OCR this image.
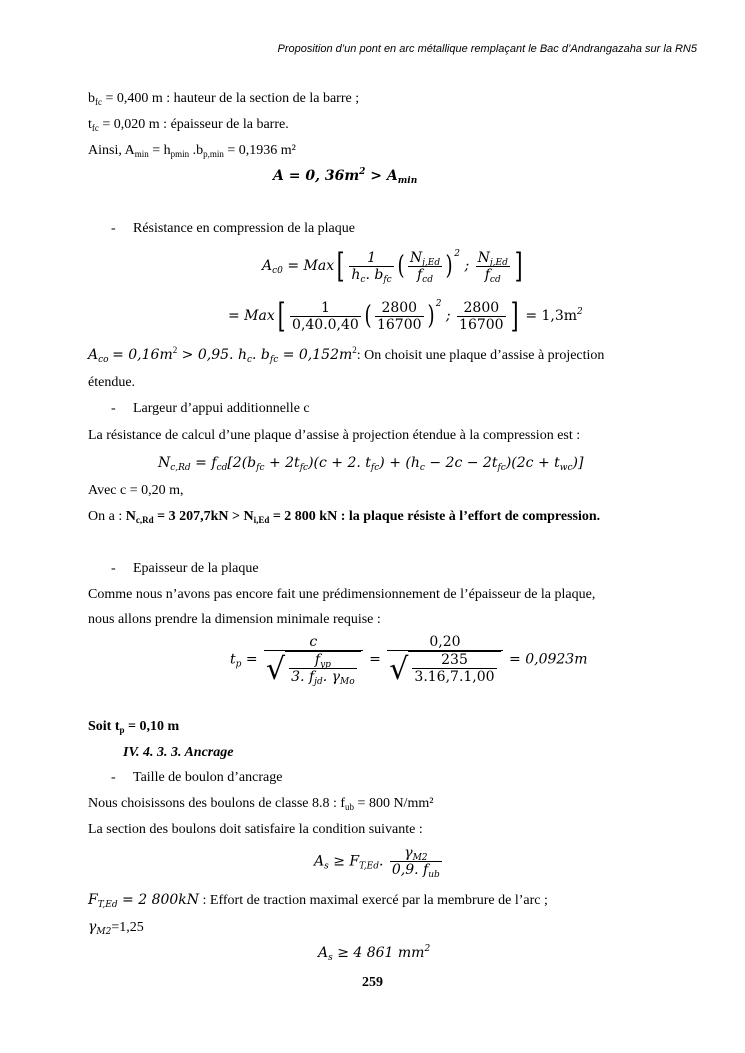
Proposition d’un pont en arc métallique remplaçant le Bac d’Andrangazaha sur la RN5
$b_{fc} = 0,400$ m : hauteur de la section de la barre ;
$t_{fc} = 0,020$ m : épaisseur de la barre.
Ainsi, $A_{min} = h_{pmin}$ $.b_{p,min} = 0,1936$ m²
A = 0, $36m^2 > A_{min}$
- Résistance en compression de la plaque
$A_{c0} = Max[ \frac{1}{h_c. b_{fc}}$ ( $\frac{N_{j,Ed}}{f_{cd}}$ ) $^2$ ; $\frac{N_{j,Ed}}{f_{cd}}$ ]
= $Max[ \frac{1}{0,40.0,40}$ ( $\frac{2800}{16700}$ ) $^2$ ; $\frac{2800}{16700}$ ] = $1,3m^2$
$A_{co} = 0,16m^2 > 0,95$. $h_c$. $b_{fc} = 0,152m^2$: On choisit une plaque d’assise à projection
étendue.
- Largeur d’appui additionnelle c
La résistance de calcul d’une plaque d’assise à projection étendue à la compression est :
$N_{c,Rd} = f_{cd}[2(b_{fc} + 2t_{fc})(c + 2$. $t_{fc}) + (h_c - 2c - 2t_{fc})(2c + t_{wc})$]
Avec c = 0,20 m,
On a : $N_{c,Rd} = 3$ $207,7kN > N_{i,Ed} = 2$ 800 kN : la plaque résiste à l’effort de compression.
- Epaisseur de la plaque
Comme nous n’avons pas encore fait une prédimensionnement de l’épaisseur de la plaque,
nous allons prendre la dimension minimale requise :
$t_p = \frac{c}{√ \frac{f_{yp}}{3. f_{jd}. \gamma_{Mo}}} = \frac{0,20}{√ \frac{235}{3.16,7.1,00}} = 0,0923m$
Soit $t_p = 0,10$ m
IV. 4. 3. 3. Ancrage
- Taille de boulon d’ancrage
Nous choisissons des boulons de classe 8.8 : $f_{ub} = 800$ N/mm²
La section des boulons doit satisfaire la condition suivante :
$A_s \ge F_{T,Ed}$. $\frac{\gamma_{M2}}{0,9. f_{ub}}$
$F_{T,Ed} = 2$ 800kN : Effort de traction maximal exercé par la membrure de l’arc ;
$\gamma_{M2}=1,25$
$A_s \ge 4$ 861 $mm^2$
259
